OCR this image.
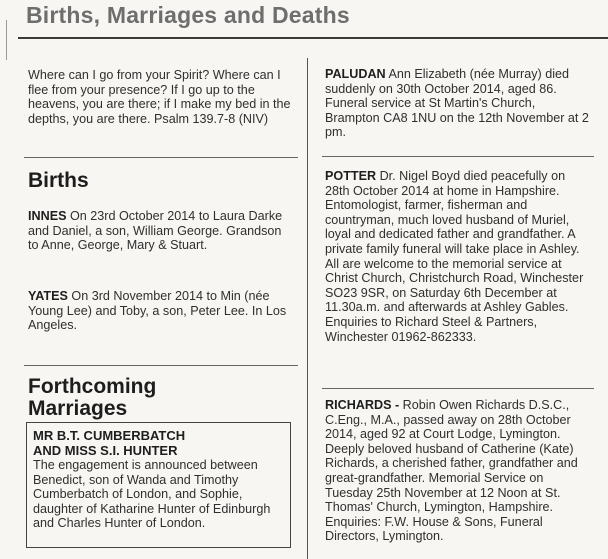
Births, Marriages and Deaths

Where can I go from your Spirit? Where can I flee from your presence? If I go up to the heavens, you are there; if I make my bed in the depths, you are there. Psalm 139.7-8 (NIV)

Births

INNES On 23rd October 2014 to Laura Darke and Daniel, a son, William George. Grandson to Anne, George, Mary & Stuart.

YATES On 3rd November 2014 to Min (née Young Lee) and Toby, a son, Peter Lee. In Los Angeles.

Forthcoming
Marriages

MR B.T. CUMBERBATCH

AND MISS S.I. HUNTER

The engagement is announced between Benedict, son of Wanda and Timothy Cumberbatch of London, and Sophie, daughter of Katharine Hunter of Edinburgh and Charles Hunter of London.

PALUDAN Ann Elizabeth (née Murray) died suddenly on 30th October 2014, aged 86. Funeral service at St Martin's Church, Brampton CA8 1NU on the 12th November at 2 pm.

POTTER Dr. Nigel Boyd died peacefully on 28th October 2014 at home in Hampshire. Entomologist, farmer, fisherman and countryman, much loved husband of Muriel, loyal and dedicated father and grandfather. A private family funeral will take place in Ashley. All are welcome to the memorial service at Christ Church, Christchurch Road, Winchester SO23 9SR, on Saturday 6th December at 11.30a.m. and afterwards at Ashley Gables. Enquiries to Richard Steel & Partners, Winchester 01962-862333.

RICHARDS - Robin Owen Richards D.S.C., C.Eng., M.A., passed away on 28th October 2014, aged 92 at Court Lodge, Lymington. Deeply beloved husband of Catherine (Kate) Richards, a cherished father, grandfather and great-grandfather. Memorial Service on Tuesday 25th November at 12 Noon at St. Thomas' Church, Lymington, Hampshire. Enquiries: F.W. House & Sons, Funeral Directors, Lymington.
